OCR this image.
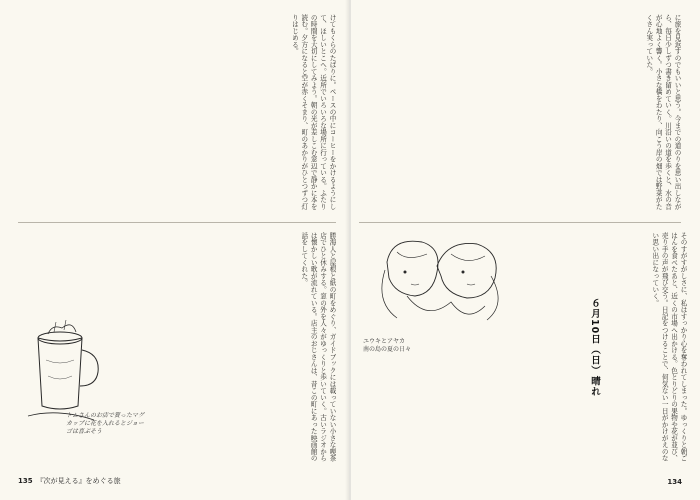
けてもくらのたばりに。ペースの中にコーヒーをかけるようにして、ほしいとこへ。近所でいろいろな場所に行っている。ふたりの時間を大切にしてみよう。朝の光が差しこむ窓辺で静かに本を読む。夕方になると空が赤くそまり、町のあかりがひとつずつ灯りはじめる。
勝海人と屋根と紙の町をめぐり、ガイドブックには載っていない小さな喫茶店でひと休みする。窓の外を人々がゆっくりと歩いていく。古いラジオからは懐かしい歌が流れている。店主のおじさんは、昔この町にあった映画館の話をしてくれた。
トムさんのお店で買ったマグカップに花を入れるとジョーゴは喜ぶそう
135 『次が見える』をめぐる旅
に旅を見返すのでもいいと思う。今までの道のりを思い出しながら、毎日少しずつ書き留めていく。川沿いの道を歩くと、水の音が心地よく響く。小さな橋をわたり、向こう岸の畑では野菜がたくさん実っていた。
ユウキとアヤカ
南の島の夏の日々	６月10日（日）晴れ	そのすがすがしさに、私はすっかり心を奪われてしまった。ゆっくりと朝ごはんを食べたあと、近くの市場へ出かける。色とりどりの果物や花が並び、売り手の声が飛び交う。日記をつけることで、何気ない一日がかけがえのない思い出になっていく。
134
